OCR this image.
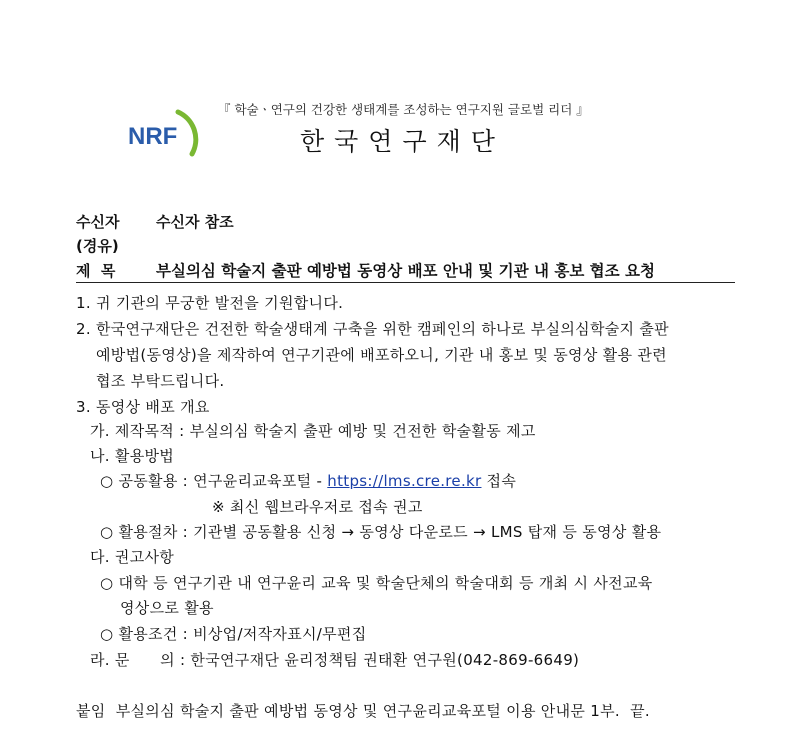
『 학술ㆍ연구의 건강한 생태계를 조성하는 연구지원 글로벌 리더 』
NRF	한국연구재단
수신자 수신자 참조
(경유)
제  목	부실의심 학술지 출판 예방법 동영상 배포 안내 및 기관 내 홍보 협조 요청
1. 귀 기관의 무궁한 발전을 기원합니다.
2. 한국연구재단은 건전한 학술생태계 구축을 위한 캠페인의 하나로 부실의심학술지 출판
예방법(동영상)을 제작하여 연구기관에 배포하오니, 기관 내 홍보 및 동영상 활용 관련
협조 부탁드립니다.
3. 동영상 배포 개요
가. 제작목적 : 부실의심 학술지 출판 예방 및 건전한 학술활동 제고
나. 활용방법
○ 공동활용 : 연구윤리교육포털 - https://lms.cre.re.kr 접속
※ 최신 웹브라우저로 접속 권고
○ 활용절차 : 기관별 공동활용 신청 → 동영상 다운로드 → LMS 탑재 등 동영상 활용
다. 권고사항
○ 대학 등 연구기관 내 연구윤리 교육 및 학술단체의 학술대회 등 개최 시 사전교육
영상으로 활용
○ 활용조건 : 비상업/저작자표시/무편집
라. 문      의 : 한국연구재단 윤리정책팀 권태환 연구원(042-869-6649)
붙임  부실의심 학술지 출판 예방법 동영상 및 연구윤리교육포털 이용 안내문 1부.  끝.
